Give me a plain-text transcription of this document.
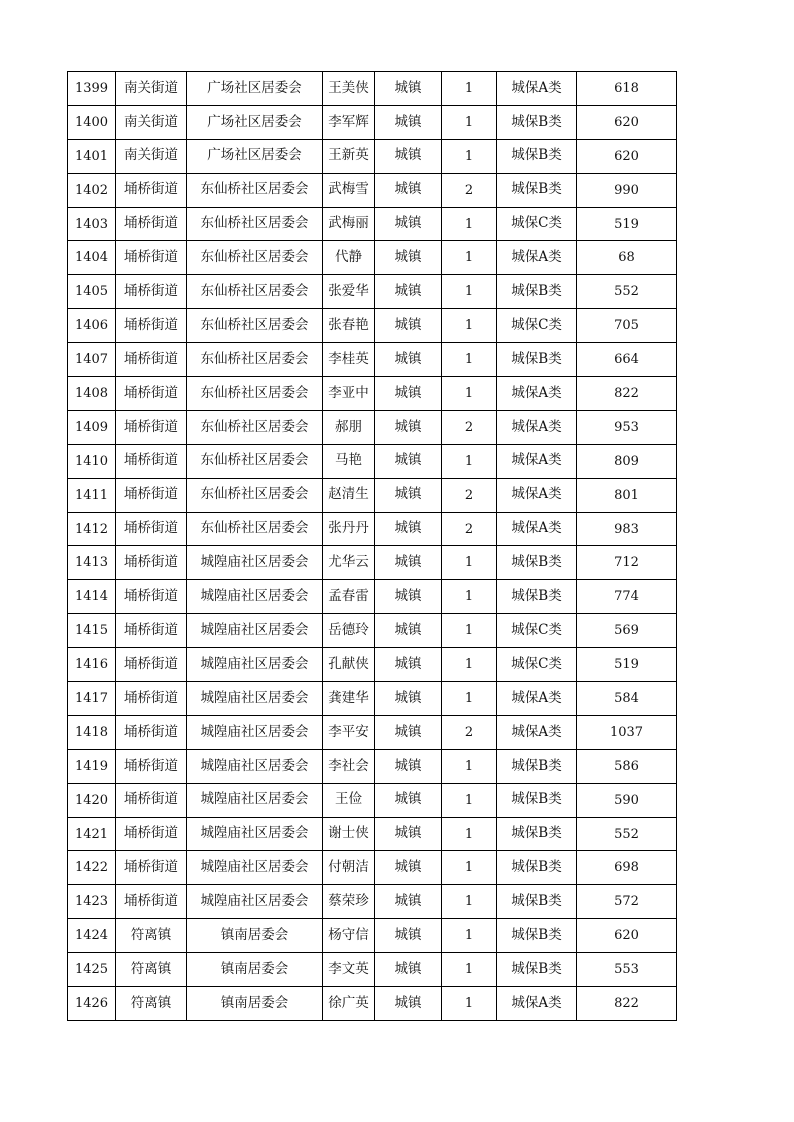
1399	南关街道	广场社区居委会	王美侠	城镇	1	城保A类	618
1400	南关街道	广场社区居委会	李军辉	城镇	1	城保B类	620
1401	南关街道	广场社区居委会	王新英	城镇	1	城保B类	620
1402	埇桥街道	东仙桥社区居委会	武梅雪	城镇	2	城保B类	990
1403	埇桥街道	东仙桥社区居委会	武梅丽	城镇	1	城保C类	519
1404	埇桥街道	东仙桥社区居委会	代静	城镇	1	城保A类	68
1405	埇桥街道	东仙桥社区居委会	张爱华	城镇	1	城保B类	552
1406	埇桥街道	东仙桥社区居委会	张春艳	城镇	1	城保C类	705
1407	埇桥街道	东仙桥社区居委会	李桂英	城镇	1	城保B类	664
1408	埇桥街道	东仙桥社区居委会	李亚中	城镇	1	城保A类	822
1409	埇桥街道	东仙桥社区居委会	郝朋	城镇	2	城保A类	953
1410	埇桥街道	东仙桥社区居委会	马艳	城镇	1	城保A类	809
1411	埇桥街道	东仙桥社区居委会	赵清生	城镇	2	城保A类	801
1412	埇桥街道	东仙桥社区居委会	张丹丹	城镇	2	城保A类	983
1413	埇桥街道	城隍庙社区居委会	尤华云	城镇	1	城保B类	712
1414	埇桥街道	城隍庙社区居委会	孟春雷	城镇	1	城保B类	774
1415	埇桥街道	城隍庙社区居委会	岳德玲	城镇	1	城保C类	569
1416	埇桥街道	城隍庙社区居委会	孔献侠	城镇	1	城保C类	519
1417	埇桥街道	城隍庙社区居委会	龚建华	城镇	1	城保A类	584
1418	埇桥街道	城隍庙社区居委会	李平安	城镇	2	城保A类	1037
1419	埇桥街道	城隍庙社区居委会	李社会	城镇	1	城保B类	586
1420	埇桥街道	城隍庙社区居委会	王俭	城镇	1	城保B类	590
1421	埇桥街道	城隍庙社区居委会	谢士侠	城镇	1	城保B类	552
1422	埇桥街道	城隍庙社区居委会	付朝洁	城镇	1	城保B类	698
1423	埇桥街道	城隍庙社区居委会	蔡荣珍	城镇	1	城保B类	572
1424	符离镇	镇南居委会	杨守信	城镇	1	城保B类	620
1425	符离镇	镇南居委会	李文英	城镇	1	城保B类	553
1426	符离镇	镇南居委会	徐广英	城镇	1	城保A类	822
